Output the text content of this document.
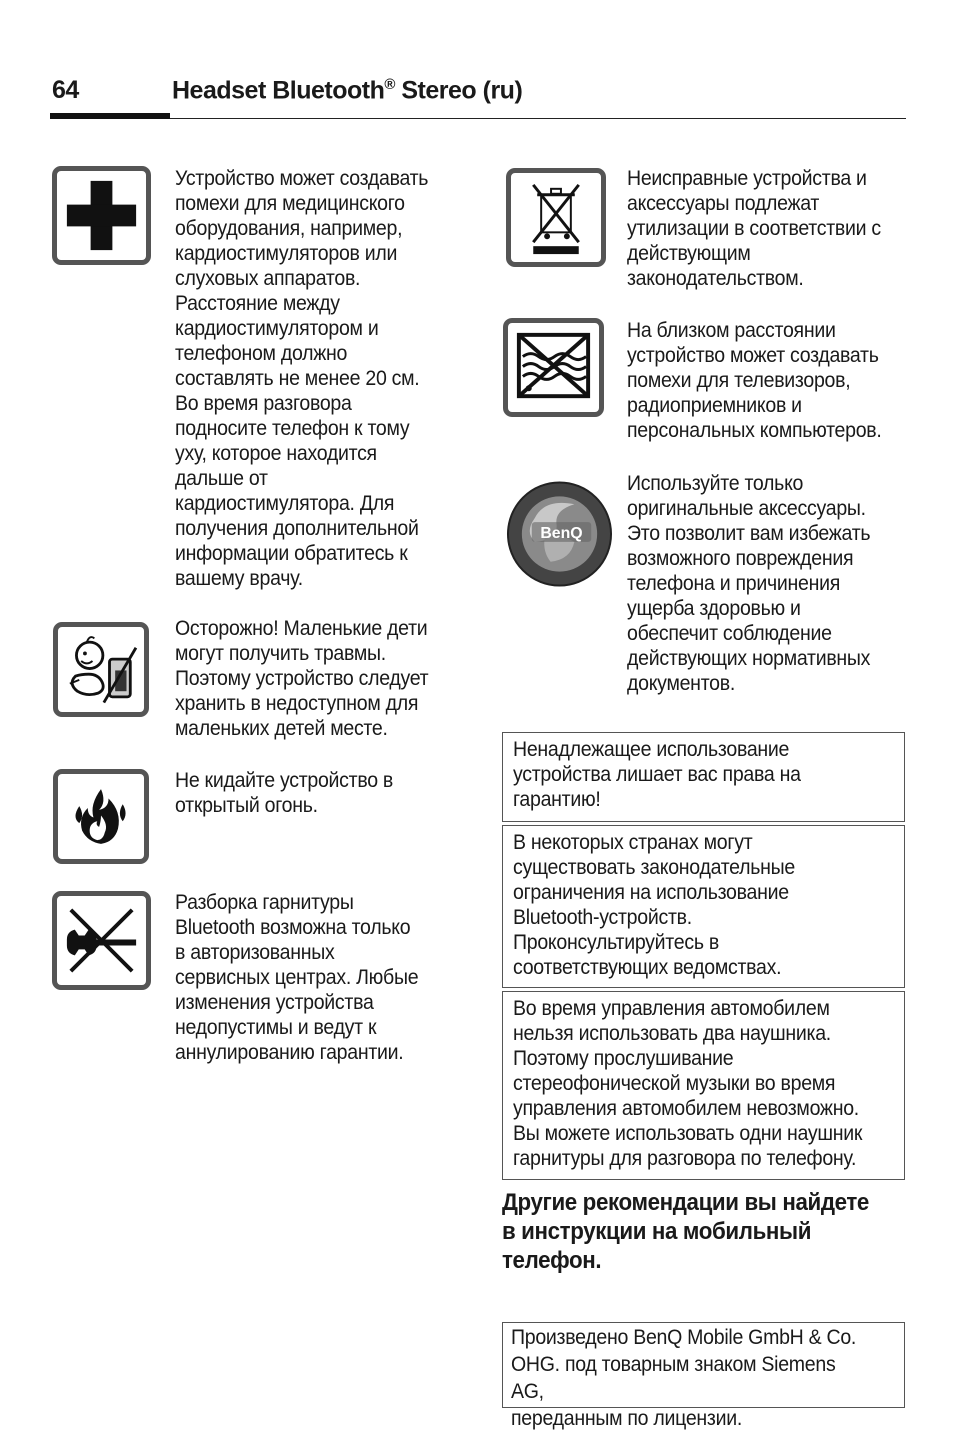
64	Headset Bluetooth® Stereo (ru)
Устройство может создавать
помехи для медицинского
оборудования, например,
кардиостимуляторов или
слуховых аппаратов.
Расстояние между
кардиостимулятором и
телефоном должно
составлять не менее 20 см.
Во время разговора
подносите телефон к тому
уху, которое находится
дальше от
кардиостимулятора. Для
получения дополнительной
информации обратитесь к
вашему врачу.
Осторожно! Маленькие дети
могут получить травмы.
Поэтому устройство следует
хранить в недоступном для
маленьких детей месте.
Не кидайте устройство в
открытый огонь.
Разборка гарнитуры
Bluetooth возможна только
в авторизованных
сервисных центрах. Любые
изменения устройства
недопустимы и ведут к
аннулированию гарантии.
Неисправные устройства и
аксессуары подлежат
утилизации в соответствии с
действующим
законодательством.
На близком расстоянии
устройство может создавать
помехи для телевизоров,
радиоприемников и
персональных компьютеров.
BenQ
Используйте только
оригинальные аксессуары.
Это позволит вам избежать
возможного повреждения
телефона и причинения
ущерба здоровью и
обеспечит соблюдение
действующих нормативных
документов.
Ненадлежащее использование
устройства лишает вас права на
гарантию!
В некоторых странах могут
существовать законодательные
ограничения на использование
Bluetooth-устройств.
Проконсультируйтесь в
соответствующих ведомствах.
Во время управления автомобилем
нельзя использовать два наушника.
Поэтому прослушивание
стереофонической музыки во время
управления автомобилем невозможно.
Вы можете использовать одни наушник
гарнитуры для разговора по телефону.
Другие рекомендации вы найдете
в инструкции на мобильный
телефон.
Произведено BenQ Mobile GmbH & Co.
OHG. под товарным знаком Siemens AG,
переданным по лицензии.
